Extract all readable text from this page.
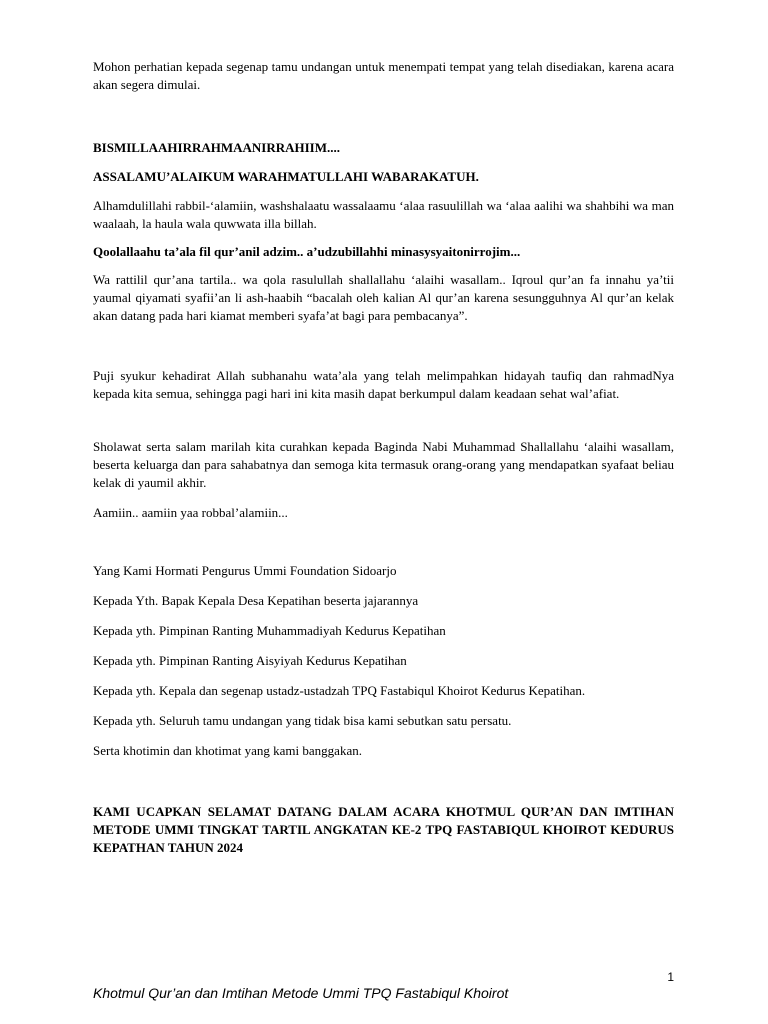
Mohon perhatian kepada segenap tamu undangan untuk menempati tempat yang telah disediakan, karena acara akan segera dimulai.

BISMILLAAHIRRAHMAANIRRAHIIM....

ASSALAMU’ALAIKUM WARAHMATULLAHI WABARAKATUH.

Alhamdulillahi rabbil-‘alamiin, washshalaatu wassalaamu ‘alaa rasuulillah wa ‘alaa aalihi wa shahbihi wa man waalaah, la haula wala quwwata illa billah.

Qoolallaahu ta’ala fil qur’anil adzim.. a’udzubillahhi minasysyaitonirrojim...

Wa rattilil qur’ana tartila.. wa qola rasulullah shallallahu ‘alaihi wasallam.. Iqroul qur’an fa innahu ya’tii yaumal qiyamati syafii’an li ash-haabih “bacalah oleh kalian Al qur’an karena sesungguhnya Al qur’an kelak akan datang pada hari kiamat memberi syafa’at bagi para pembacanya”.

Puji syukur kehadirat Allah subhanahu wata’ala yang telah melimpahkan hidayah taufiq dan rahmadNya kepada kita semua, sehingga pagi hari ini kita masih dapat berkumpul dalam keadaan sehat wal’afiat.

Sholawat serta salam marilah kita curahkan kepada Baginda Nabi Muhammad Shallallahu ‘alaihi wasallam, beserta keluarga dan para sahabatnya dan semoga kita termasuk orang-orang yang mendapatkan syafaat beliau kelak di yaumil akhir.

Aamiin.. aamiin yaa robbal’alamiin...

Yang Kami Hormati Pengurus Ummi Foundation Sidoarjo

Kepada Yth. Bapak Kepala Desa Kepatihan beserta jajarannya

Kepada yth. Pimpinan Ranting Muhammadiyah Kedurus Kepatihan

Kepada yth. Pimpinan Ranting Aisyiyah Kedurus Kepatihan

Kepada yth. Kepala dan segenap ustadz-ustadzah TPQ Fastabiqul Khoirot Kedurus Kepatihan.

Kepada yth. Seluruh tamu undangan yang tidak bisa kami sebutkan satu persatu.

Serta khotimin dan khotimat yang kami banggakan.

KAMI UCAPKAN SELAMAT DATANG DALAM ACARA KHOTMUL QUR’AN DAN IMTIHAN METODE UMMI TINGKAT TARTIL ANGKATAN KE-2 TPQ FASTABIQUL KHOIROT KEDURUS KEPATHAN TAHUN 2024

1
Khotmul Qur’an dan Imtihan Metode Ummi TPQ Fastabiqul Khoirot
